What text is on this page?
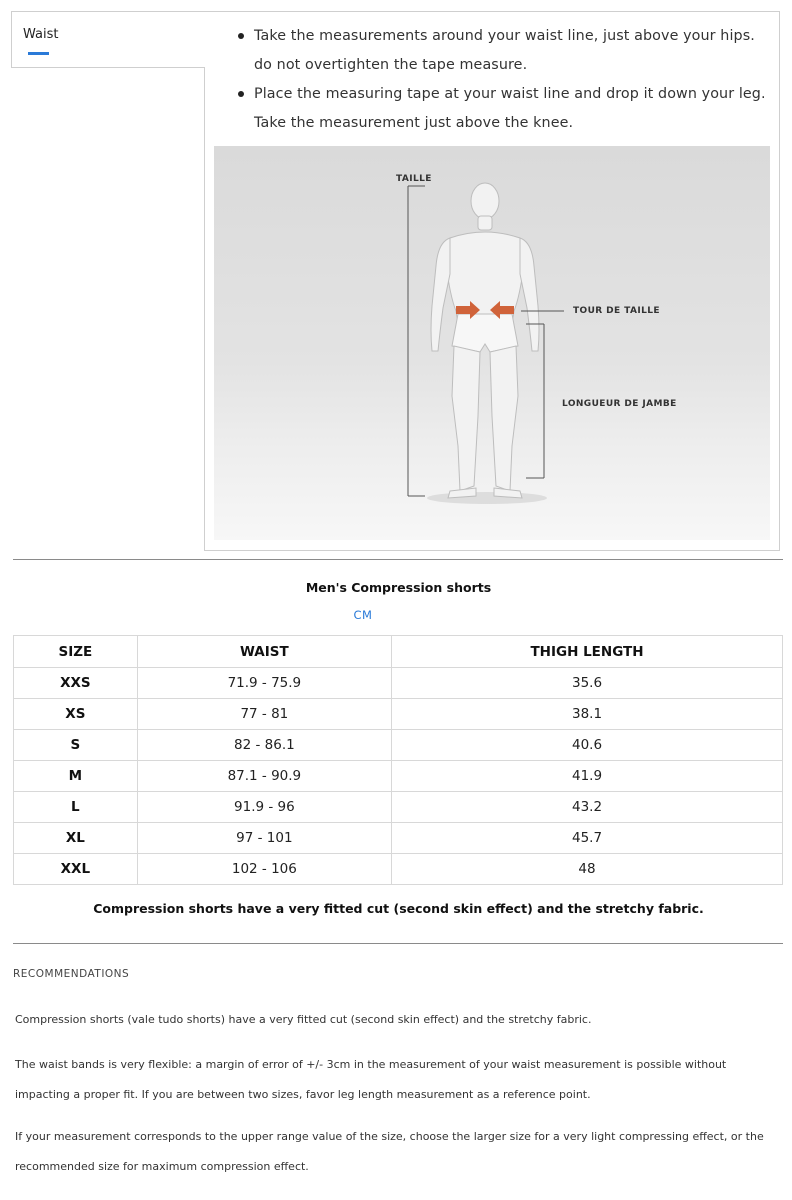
Waist	Take the measurements around your waist line, just above your hips. do not overtighten the tape measure.
Place the measuring tape at your waist line and drop it down your leg. Take the measurement just above the knee.
TAILLE
TOUR DE TAILLE
LONGUEUR DE JAMBE
Men's Compression shorts
CM
SIZE	WAIST	THIGH LENGTH
XXS	71.9 - 75.9	35.6
XS	77 - 81	38.1
S	82 - 86.1	40.6
M	87.1 - 90.9	41.9
L	91.9 - 96	43.2
XL	97 - 101	45.7
XXL	102 - 106	48
Compression shorts have a very fitted cut (second skin effect) and the stretchy fabric.
RECOMMENDATIONS

Compression shorts (vale tudo shorts) have a very fitted cut (second skin effect) and the stretchy fabric.

The waist bands is very flexible: a margin of error of +/- 3cm in the measurement of your waist measurement is possible without impacting a proper fit. If you are between two sizes, favor leg length measurement as a reference point.

If your measurement corresponds to the upper range value of the size, choose the larger size for a very light compressing effect, or the recommended size for maximum compression effect.
